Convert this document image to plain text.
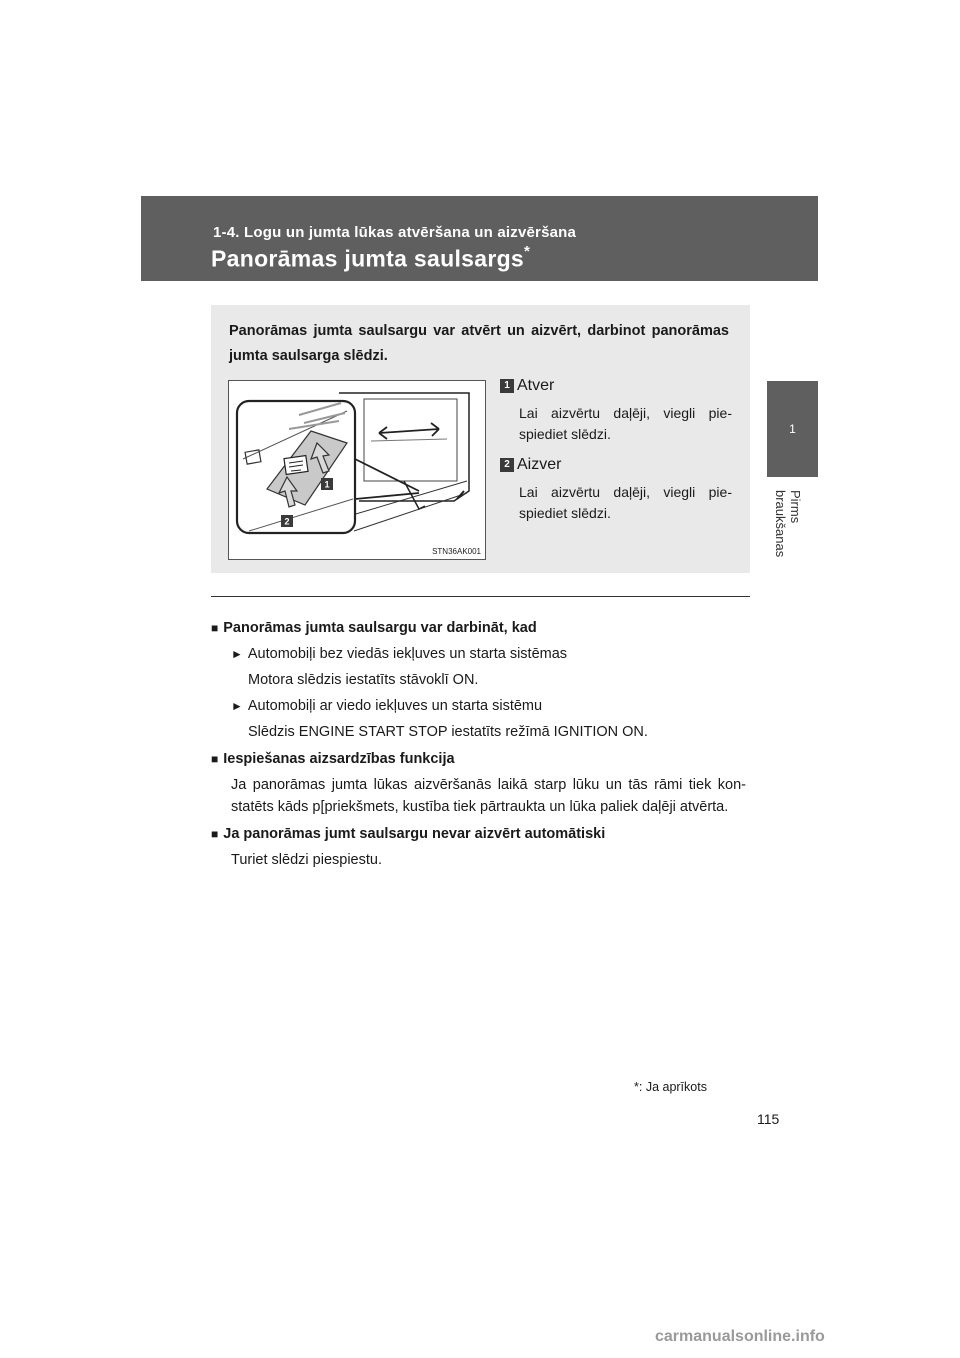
1-4. Logu un jumta lūkas atvēršana un aizvēršana
Panorāmas jumta saulsargs*
1
Pirms braukšanas
Panorāmas jumta saulsargu var atvērt un aizvērt, darbinot panorāmas jumta saulsarga slēdzi.
1
2
STN36AK001
1 Atver
Lai aizvērtu daļēji, viegli piespiediet slēdzi.
2 Aizver
Lai aizvērtu daļēji, viegli piespiediet slēdzi.
■ Panorāmas jumta saulsargu var darbināt, kad
► Automobiļi bez viedās iekļuves un starta sistēmas
Motora slēdzis iestatīts stāvoklī ON.
► Automobiļi ar viedo iekļuves un starta sistēmu
Slēdzis ENGINE START STOP iestatīts režīmā IGNITION ON.
■ Iespiešanas aizsardzības funkcija
Ja panorāmas jumta lūkas aizvēršanās laikā starp lūku un tās rāmi tiek konstatēts kāds p[priekšmets, kustība tiek pārtraukta un lūka paliek daļēji atvērta.
■ Ja panorāmas jumt saulsargu nevar aizvērt automātiski
Turiet slēdzi piespiestu.
*: Ja aprīkots
115
carmanualsonline.info
